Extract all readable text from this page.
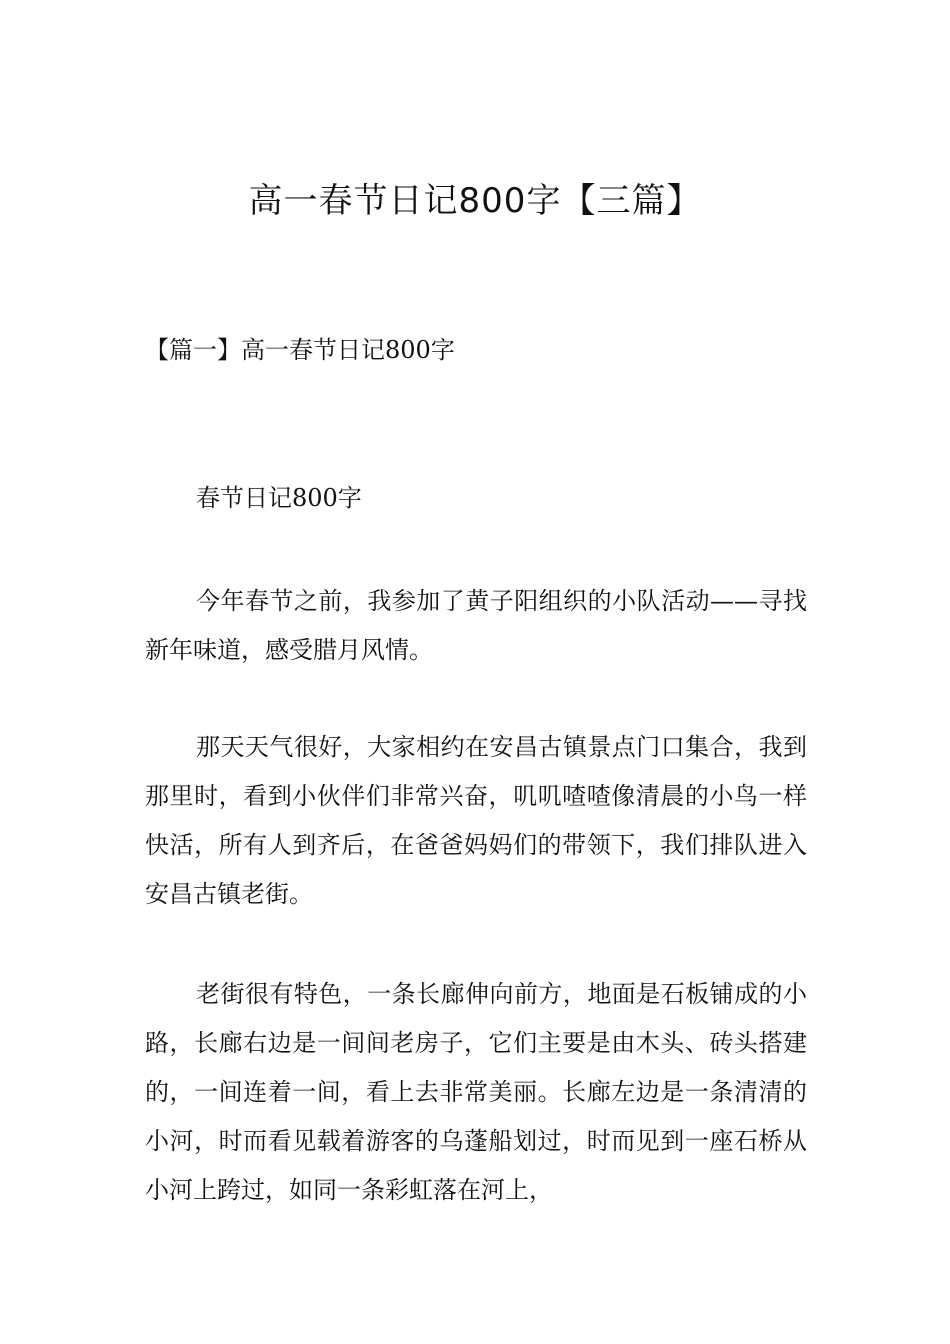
高一春节日记800字【三篇】
【篇一】高一春节日记800字

春节日记800字

今年春节之前，我参加了黄子阳组织的小队活动——寻找新年味道，感受腊月风情。

那天天气很好，大家相约在安昌古镇景点门口集合，我到那里时，看到小伙伴们非常兴奋，叽叽喳喳像清晨的小鸟一样快活，所有人到齐后，在爸爸妈妈们的带领下，我们排队进入安昌古镇老街。

老街很有特色，一条长廊伸向前方，地面是石板铺成的小路，长廊右边是一间间老房子，它们主要是由木头、砖头搭建的，一间连着一间，看上去非常美丽。长廊左边是一条清清的小河，时而看见载着游客的乌蓬船划过，时而见到一座石桥从小河上跨过，如同一条彩虹落在河上，
